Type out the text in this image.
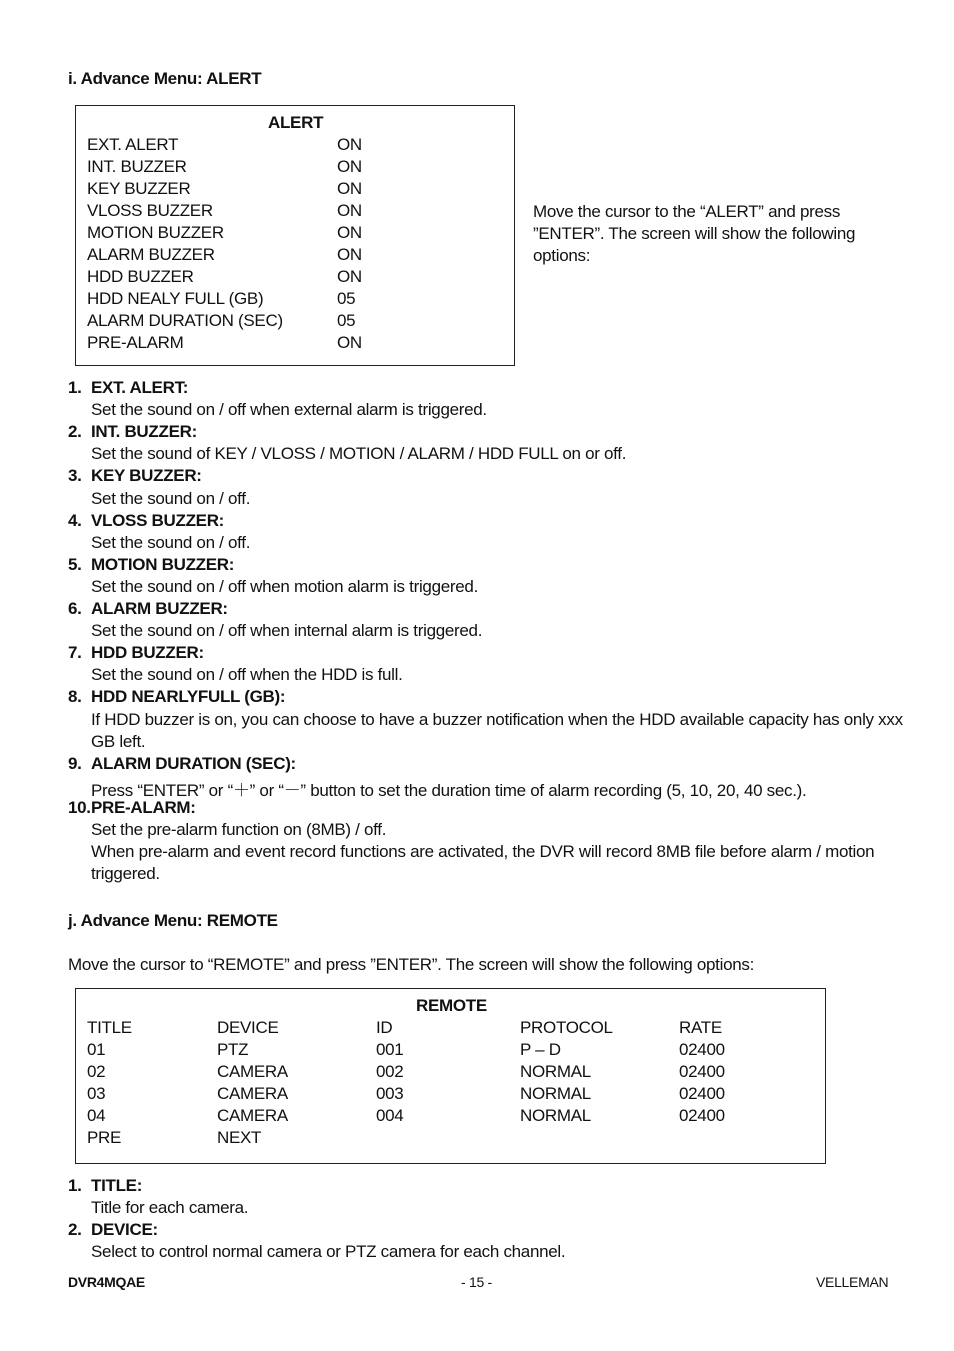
i. Advance Menu: ALERT
ALERT
EXT. ALERT	ON
INT. BUZZER	ON
KEY BUZZER	ON
VLOSS BUZZER	ON
MOTION BUZZER	ON
ALARM BUZZER	ON
HDD BUZZER	ON
HDD NEALY FULL (GB)	05
ALARM DURATION (SEC)	05
PRE-ALARM	ON
Move the cursor to the “ALERT” and press
”ENTER”. The screen will show the following
options:
1. EXT. ALERT:
Set the sound on / off when external alarm is triggered.
2. INT. BUZZER:
Set the sound of KEY / VLOSS / MOTION / ALARM / HDD FULL on or off.
3. KEY BUZZER:
Set the sound on / off.
4. VLOSS BUZZER:
Set the sound on / off.
5. MOTION BUZZER:
Set the sound on / off when motion alarm is triggered.
6. ALARM BUZZER:
Set the sound on / off when internal alarm is triggered.
7. HDD BUZZER:
Set the sound on / off when the HDD is full.
8. HDD NEARLYFULL (GB):
If HDD buzzer is on, you can choose to have a buzzer notification when the HDD available capacity has only xxx
GB left.
9. ALARM DURATION (SEC):
Press “ENTER” or “＋” or “－” button to set the duration time of alarm recording (5, 10, 20, 40 sec.).
10.PRE-ALARM:
Set the pre-alarm function on (8MB) / off.
When pre-alarm and event record functions are activated, the DVR will record 8MB file before alarm / motion
triggered.
j. Advance Menu: REMOTE
Move the cursor to “REMOTE” and press ”ENTER”. The screen will show the following options:
REMOTE
TITLE	DEVICE	ID	PROTOCOL	RATE
01	PTZ	001	P – D	02400
02	CAMERA	002	NORMAL	02400
03	CAMERA	003	NORMAL	02400
04	CAMERA	004	NORMAL	02400
PRE	NEXT
1. TITLE:
Title for each camera.
2. DEVICE:
Select to control normal camera or PTZ camera for each channel.
DVR4MQAE	- 15 -	VELLEMAN
